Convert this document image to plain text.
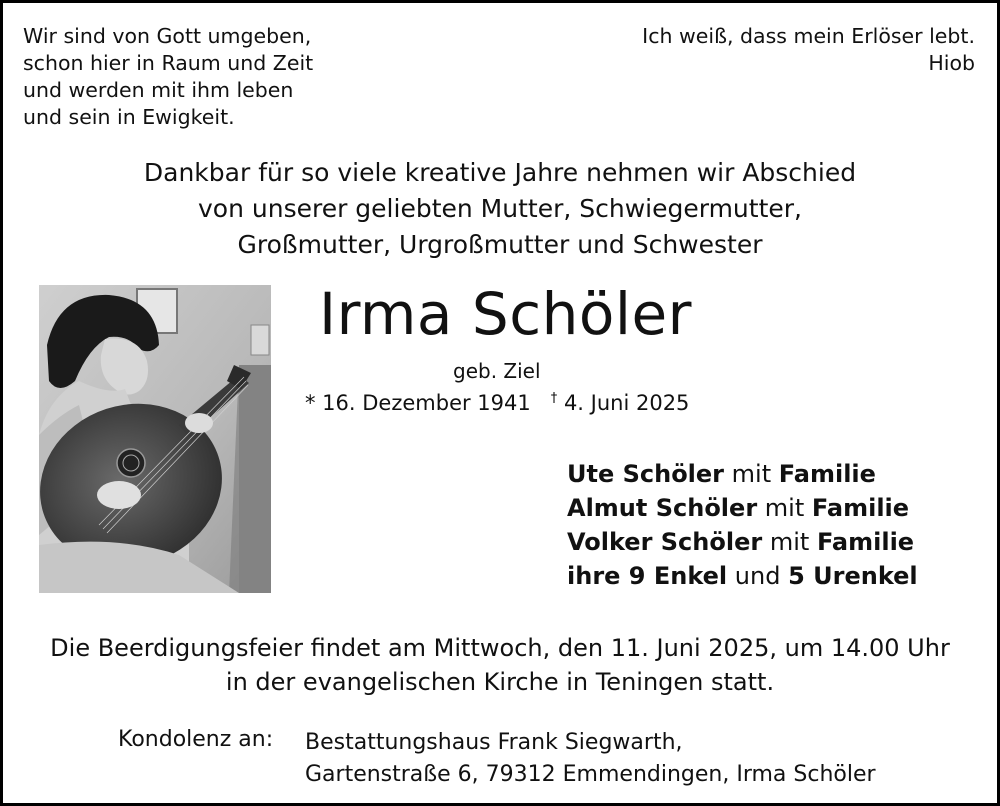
Wir sind von Gott umgeben,
schon hier in Raum und Zeit
und werden mit ihm leben
und sein in Ewigkeit.
Ich weiß, dass mein Erlöser lebt.
Hiob
Dankbar für so viele kreative Jahre nehmen wir Abschied
von unserer geliebten Mutter, Schwiegermutter,
Großmutter, Urgroßmutter und Schwester
Irma Schöler
geb. Ziel
* 16. Dezember 1941 † 4. Juni 2025
Ute Schöler mit Familie
Almut Schöler mit Familie
Volker Schöler mit Familie
ihre 9 Enkel und 5 Urenkel
Die Beerdigungsfeier findet am Mittwoch, den 11. Juni 2025, um 14.00 Uhr
in der evangelischen Kirche in Teningen statt.
Kondolenz an: Bestattungshaus Frank Siegwarth,
Gartenstraße 6, 79312 Emmendingen, Irma Schöler
